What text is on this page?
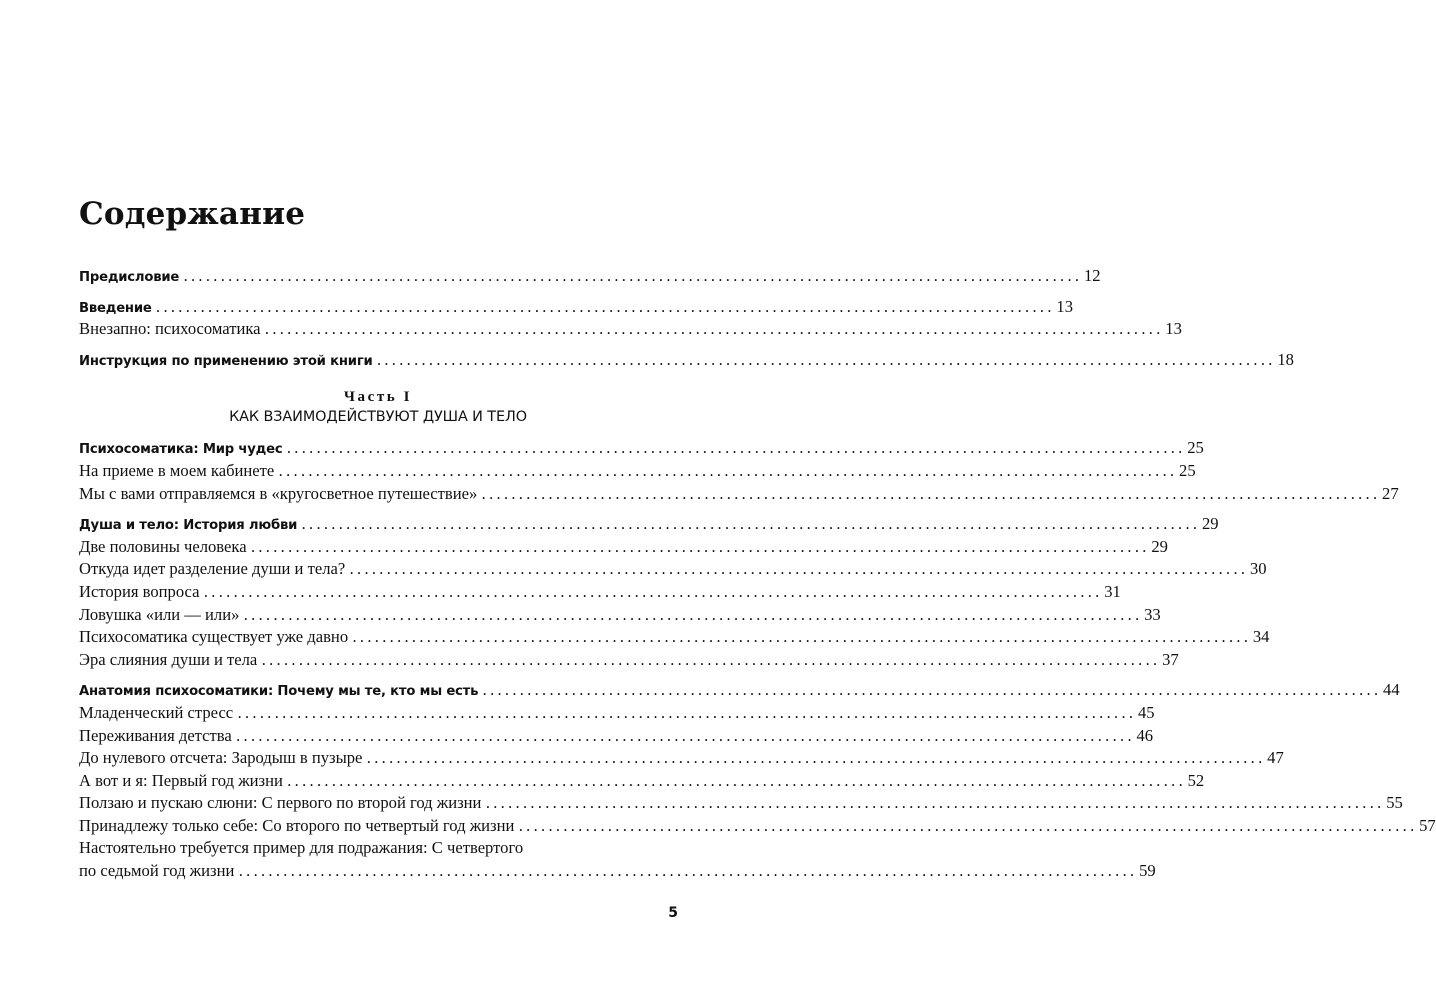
Содержание
Предисловие ......................................................................................................................... 12
Введение ......................................................................................................................... 13
Внезапно: психосоматика ......................................................................................................................... 13
Инструкция по применению этой книги ......................................................................................................................... 18
Часть I
КАК ВЗАИМОДЕЙСТВУЮТ ДУША И ТЕЛО
Психосоматика: Мир чудес ......................................................................................................................... 25
На приеме в моем кабинете ......................................................................................................................... 25
Мы с вами отправляемся в «кругосветное путешествие» ......................................................................................................................... 27
Душа и тело: История любви ......................................................................................................................... 29
Две половины человека ......................................................................................................................... 29
Откуда идет разделение души и тела? ......................................................................................................................... 30
История вопроса ......................................................................................................................... 31
Ловушка «или — или» ......................................................................................................................... 33
Психосоматика существует уже давно ......................................................................................................................... 34
Эра слияния души и тела ......................................................................................................................... 37
Анатомия психосоматики: Почему мы те, кто мы есть ......................................................................................................................... 44
Младенческий стресс ......................................................................................................................... 45
Переживания детства ......................................................................................................................... 46
До нулевого отсчета: Зародыш в пузыре ......................................................................................................................... 47
А вот и я: Первый год жизни ......................................................................................................................... 52
Ползаю и пускаю слюни: С первого по второй год жизни ......................................................................................................................... 55
Принадлежу только себе: Со второго по четвертый год жизни ......................................................................................................................... 57
Настоятельно требуется пример для подражания: С четвертого
по седьмой год жизни ......................................................................................................................... 59
5
